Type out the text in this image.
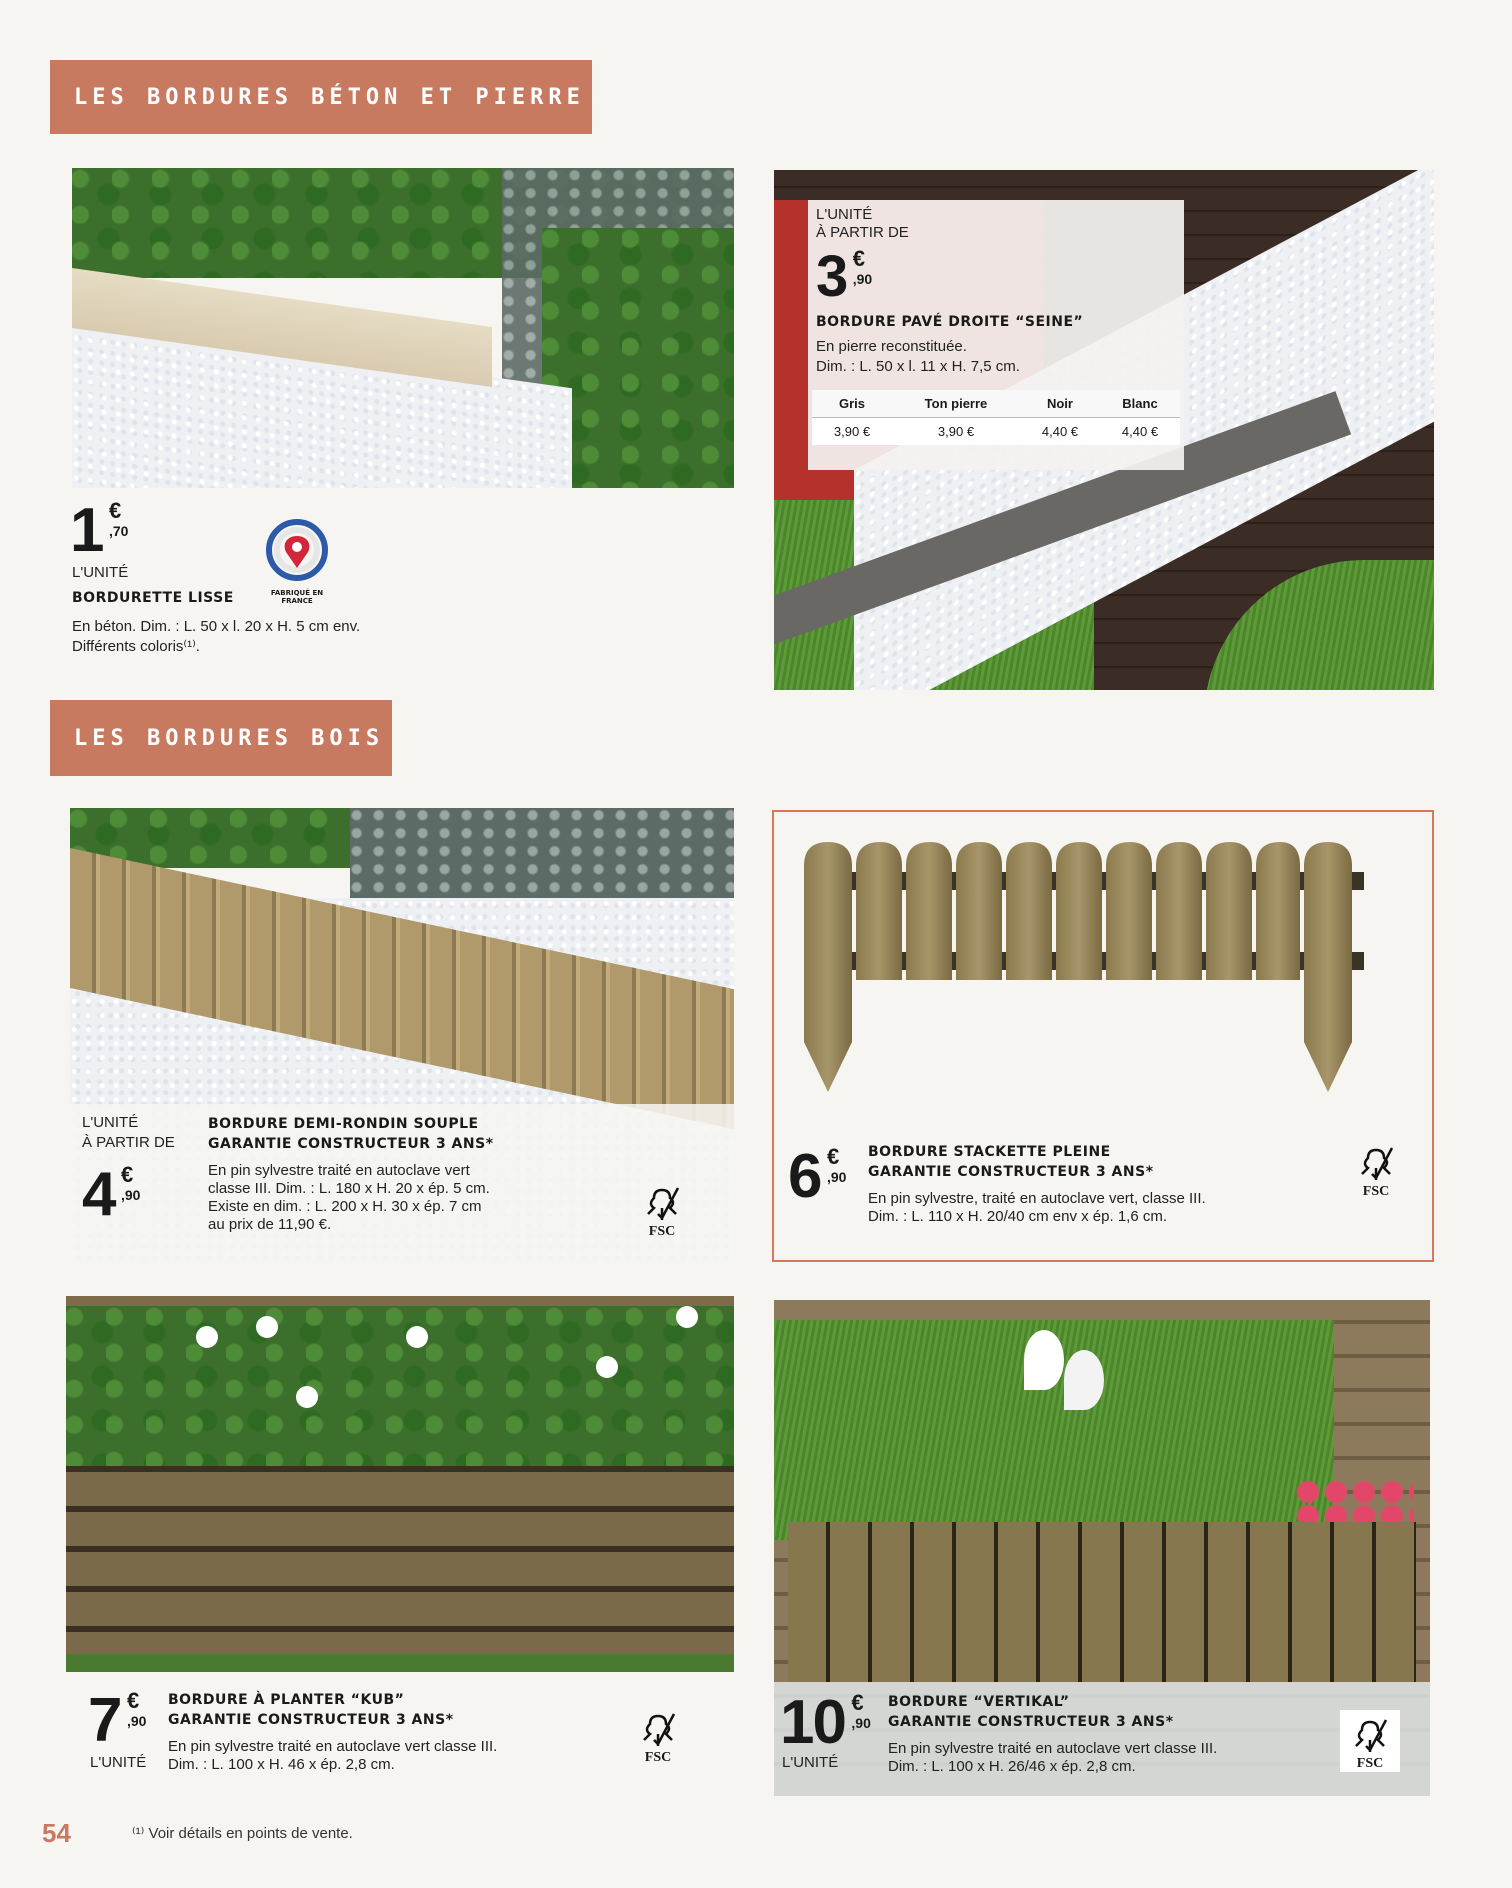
LES BORDURES BÉTON ET PIERRE
1 €
,70
L'UNITÉ
BORDURETTE LISSE
En béton. Dim. : L. 50 x l. 20 x H. 5 cm env.
Différents coloris⁽¹⁾.
FABRIQUÉ EN FRANCE
L'UNITÉ
À PARTIR DE
3 €
,90
BORDURE PAVÉ DROITE “SEINE”
En pierre reconstituée.
Dim. : L. 50 x l. 11 x H. 7,5 cm.
Gris	Ton pierre	Noir	Blanc
3,90 €	3,90 €	4,40 €	4,40 €
LES BORDURES BOIS
L'UNITÉ
À PARTIR DE
4 €
,90
BORDURE DEMI-RONDIN SOUPLE
GARANTIE CONSTRUCTEUR 3 ANS*
En pin sylvestre traité en autoclave vert
classe III. Dim. : L. 180 x H. 20 x ép. 5 cm.
Existe en dim. : L. 200 x H. 30 x ép. 7 cm
au prix de 11,90 €.	FSC
6 €
,90
BORDURE STACKETTE PLEINE
GARANTIE CONSTRUCTEUR 3 ANS*
En pin sylvestre, traité en autoclave vert, classe III.
Dim. : L. 110 x H. 20/40 cm env x ép. 1,6 cm.
FSC
7 €
,90
L'UNITÉ
BORDURE À PLANTER “KUB”
GARANTIE CONSTRUCTEUR 3 ANS*
En pin sylvestre traité en autoclave vert classe III.
Dim. : L. 100 x H. 46 x ép. 2,8 cm.	FSC
10 €
,90
L'UNITÉ
BORDURE “VERTIKAL”
GARANTIE CONSTRUCTEUR 3 ANS*
En pin sylvestre traité en autoclave vert classe III.
Dim. : L. 100 x H. 26/46 x ép. 2,8 cm.	FSC
54	⁽¹⁾ Voir détails en points de vente.
